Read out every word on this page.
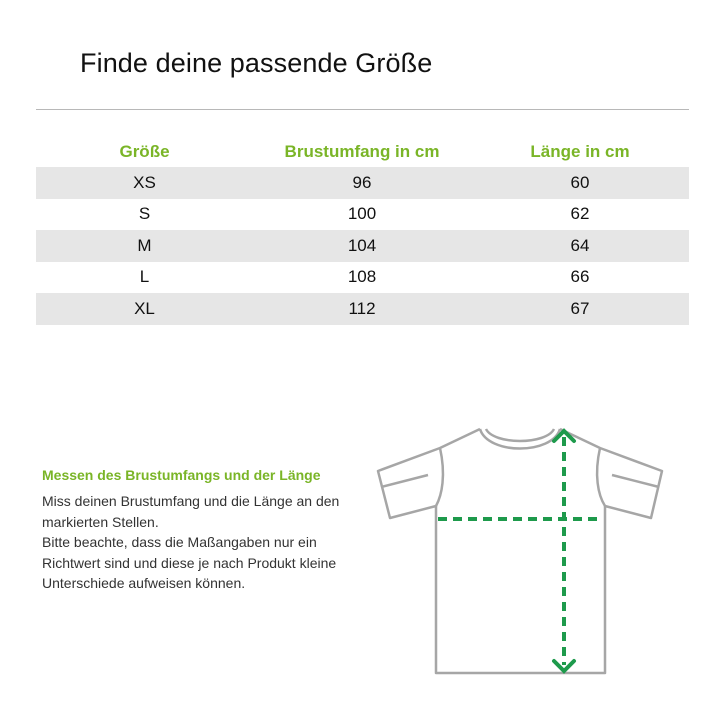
Finde deine passende Größe
Größe	Brustumfang in cm	Länge in cm
XS	96	60
S	100	62
M	104	64
L	108	66
XL	112	67
Messen des Brustumfangs und der Länge

Miss deinen Brustumfang und die Länge an den markierten Stellen.

Bitte beachte, dass die Maßangaben nur ein Richtwert sind und diese je nach Produkt kleine Unterschiede aufweisen können.
